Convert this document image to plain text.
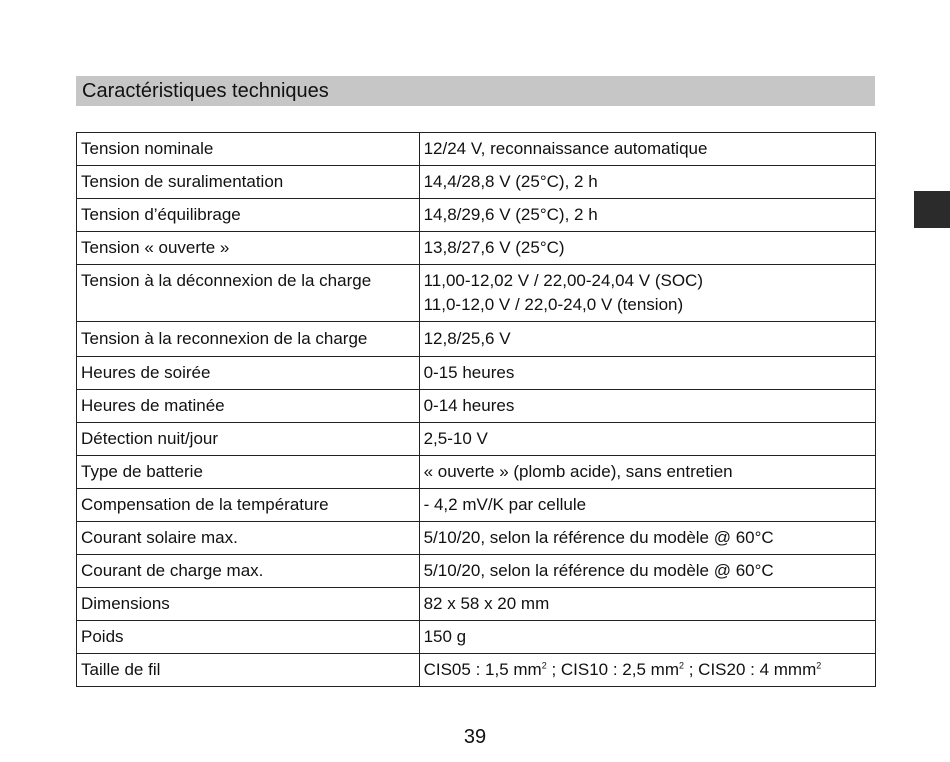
Caractéristiques techniques
Tension nominale	12/24 V, reconnaissance automatique
Tension de suralimentation	14,4/28,8 V (25°C), 2 h
Tension d’équilibrage	14,8/29,6 V (25°C), 2 h
Tension « ouverte »	13,8/27,6 V (25°C)
Tension à la déconnexion de la charge	11,00-12,02 V / 22,00-24,04 V (SOC)
11,0-12,0 V / 22,0-24,0 V (tension)

Tension à la reconnexion de la charge	12,8/25,6 V
Heures de soirée	0-15 heures
Heures de matinée	0-14 heures
Détection nuit/jour	2,5-10 V
Type de batterie	« ouverte » (plomb acide), sans entretien
Compensation de la température	- 4,2 mV/K par cellule
Courant solaire max.	5/10/20, selon la référence du modèle @ 60°C
Courant de charge max.	5/10/20, selon la référence du modèle @ 60°C
Dimensions	82 x 58 x 20 mm
Poids	150 g
Taille de fil	CIS05 : 1,5 $mm^2$ ; CIS10 : 2,5 $mm^2$ ; CIS20 : 4 mmm$^2$
39
